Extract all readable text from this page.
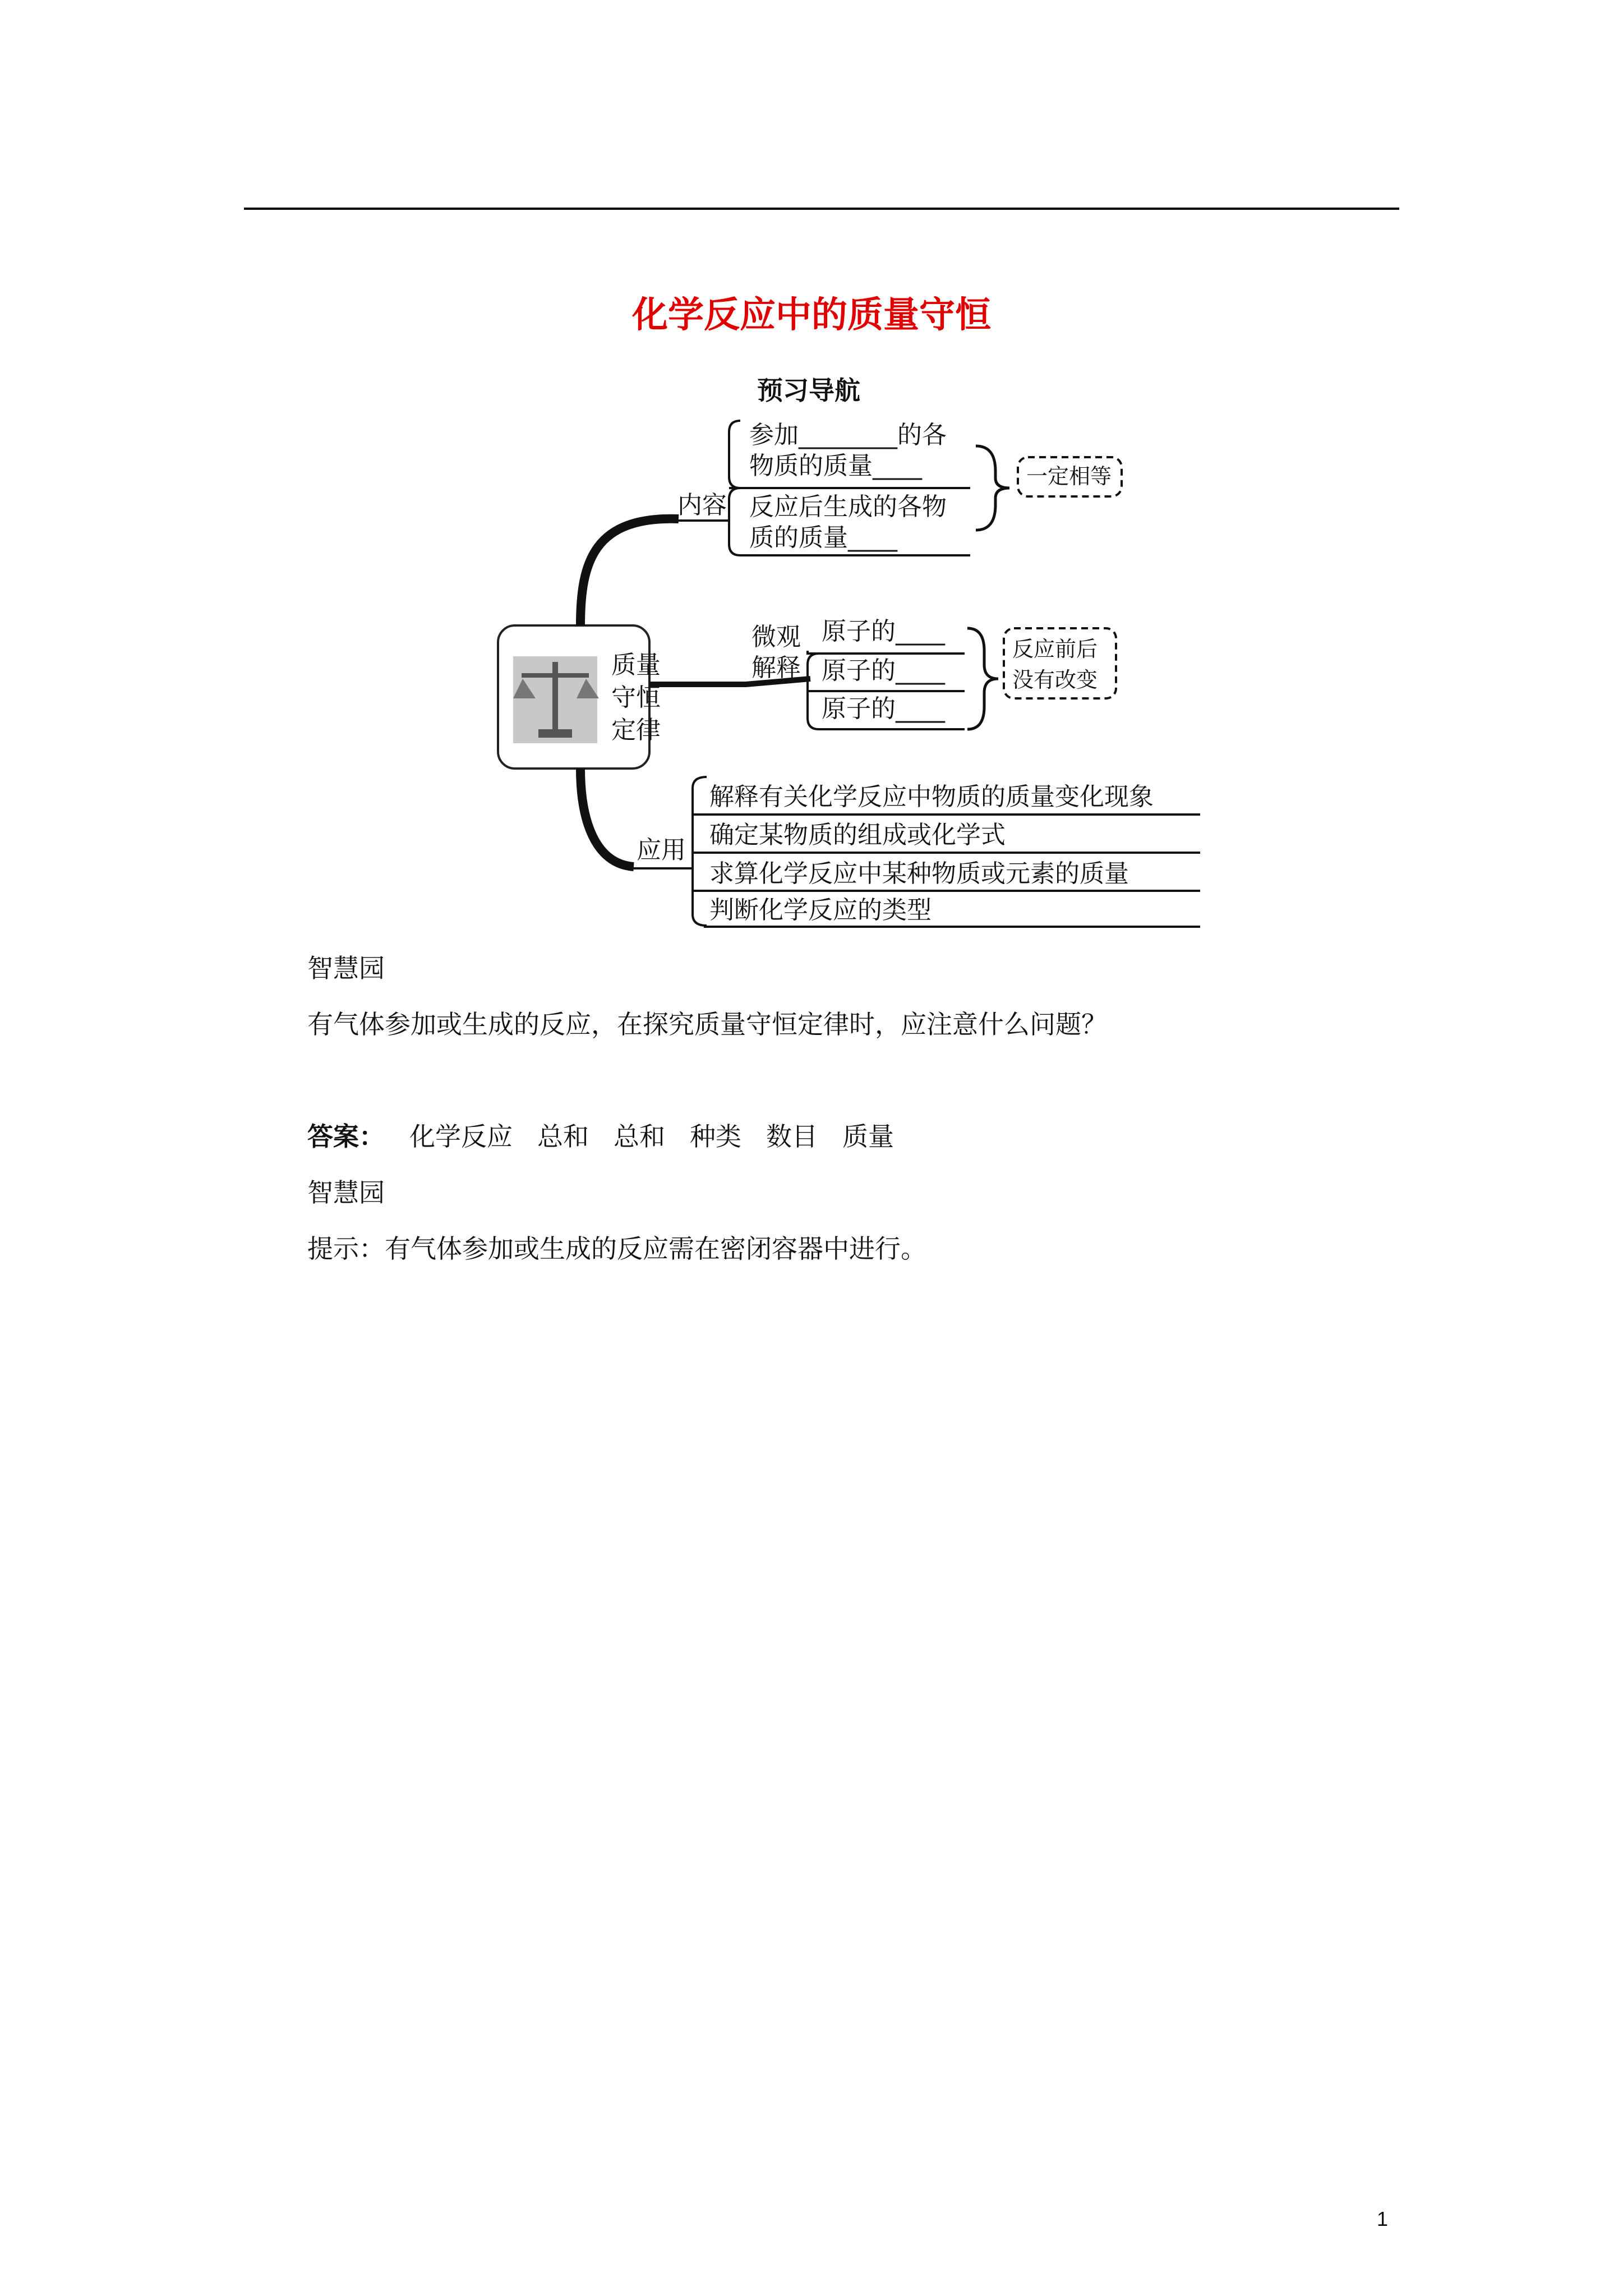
化学反应中的质量守恒
预习导航
质量
守恒
定律
内容
参加________的各
物质的质量____
反应后生成的各物
质的质量____
一定相等
微观
解释
原子的____
原子的____
原子的____
反应前后
没有改变
应用
解释有关化学反应中物质的质量变化现象
确定某物质的组成或化学式
求算化学反应中某种物质或元素的质量
判断化学反应的类型
智慧园
有气体参加或生成的反应，在探究质量守恒定律时，应注意什么问题？
答案： 化学反应 总和 总和 种类 数目 质量
智慧园
提示：有气体参加或生成的反应需在密闭容器中进行。
1
